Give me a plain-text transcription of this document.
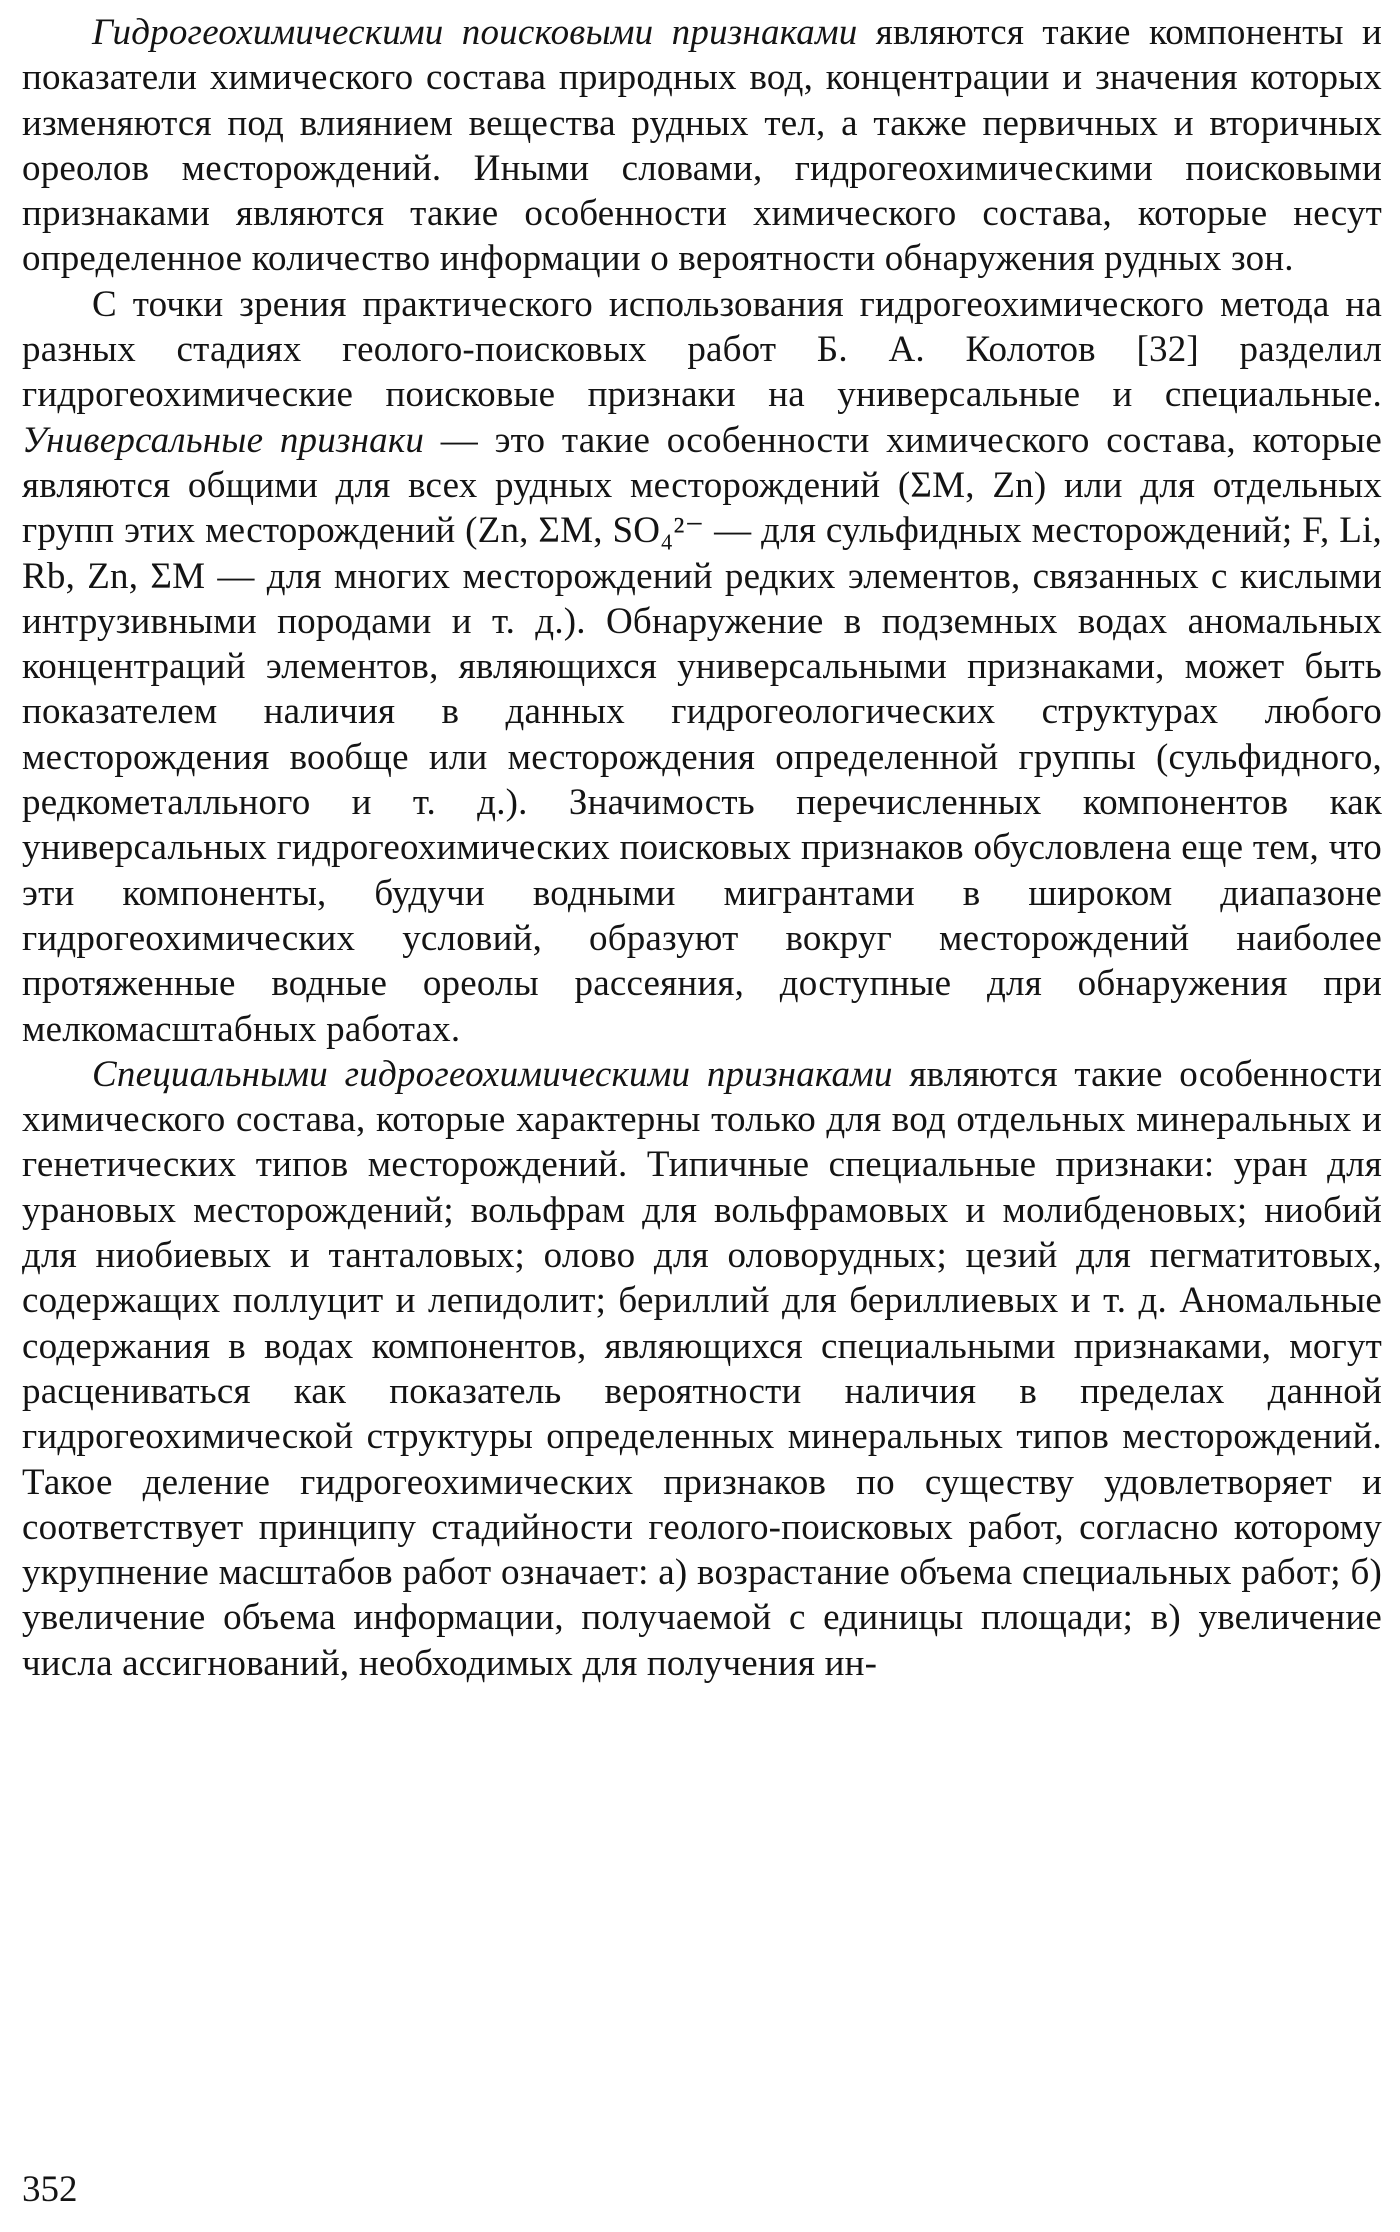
Гидрогеохимическими поисковыми признаками являются такие компоненты и показатели химического состава природных вод, концентрации и значения которых изменяются под влиянием вещества рудных тел, а также первичных и вторичных ореолов месторождений. Иными словами, гидрогеохимическими поисковыми признаками являются такие особенности химического состава, которые несут определенное количество информации о вероятности обнаружения рудных зон.

С точки зрения практического использования гидрогеохимического метода на разных стадиях геолого-поисковых работ Б. А. Колотов [32] разделил гидрогеохимические поисковые признаки на универсальные и специальные. Универсальные признаки — это такие особенности химического состава, которые являются общими для всех рудных месторождений (ΣM, Zn) или для отдельных групп этих месторождений (Zn, ΣM, SO₄²⁻ — для сульфидных месторождений; F, Li, Rb, Zn, ΣM — для многих месторождений редких элементов, связанных с кислыми интрузивными породами и т. д.). Обнаружение в подземных водах аномальных концентраций элементов, являющихся универсальными признаками, может быть показателем наличия в данных гидрогеологических структурах любого месторождения вообще или месторождения определенной группы (сульфидного, редкометалльного и т. д.). Значимость перечисленных компонентов как универсальных гидрогеохимических поисковых признаков обусловлена еще тем, что эти компоненты, будучи водными мигрантами в широком диапазоне гидрогеохимических условий, образуют вокруг месторождений наиболее протяженные водные ореолы рассеяния, доступные для обнаружения при мелкомасштабных работах.

Специальными гидрогеохимическими признаками являются такие особенности химического состава, которые характерны только для вод отдельных минеральных и генетических типов месторождений. Типичные специальные признаки: уран для урановых месторождений; вольфрам для вольфрамовых и молибденовых; ниобий для ниобиевых и танталовых; олово для оловорудных; цезий для пегматитовых, содержащих поллуцит и лепидолит; бериллий для бериллиевых и т. д. Аномальные содержания в водах компонентов, являющихся специальными признаками, могут расцениваться как показатель вероятности наличия в пределах данной гидрогеохимической структуры определенных минеральных типов месторождений. Такое деление гидрогеохимических признаков по существу удовлетворяет и соответствует принципу стадийности геолого-поисковых работ, согласно которому укрупнение масштабов работ означает: а) возрастание объема специальных работ; б) увеличение объема информации, получаемой с единицы площади; в) увеличение числа ассигнований, необходимых для получения ин-

352
